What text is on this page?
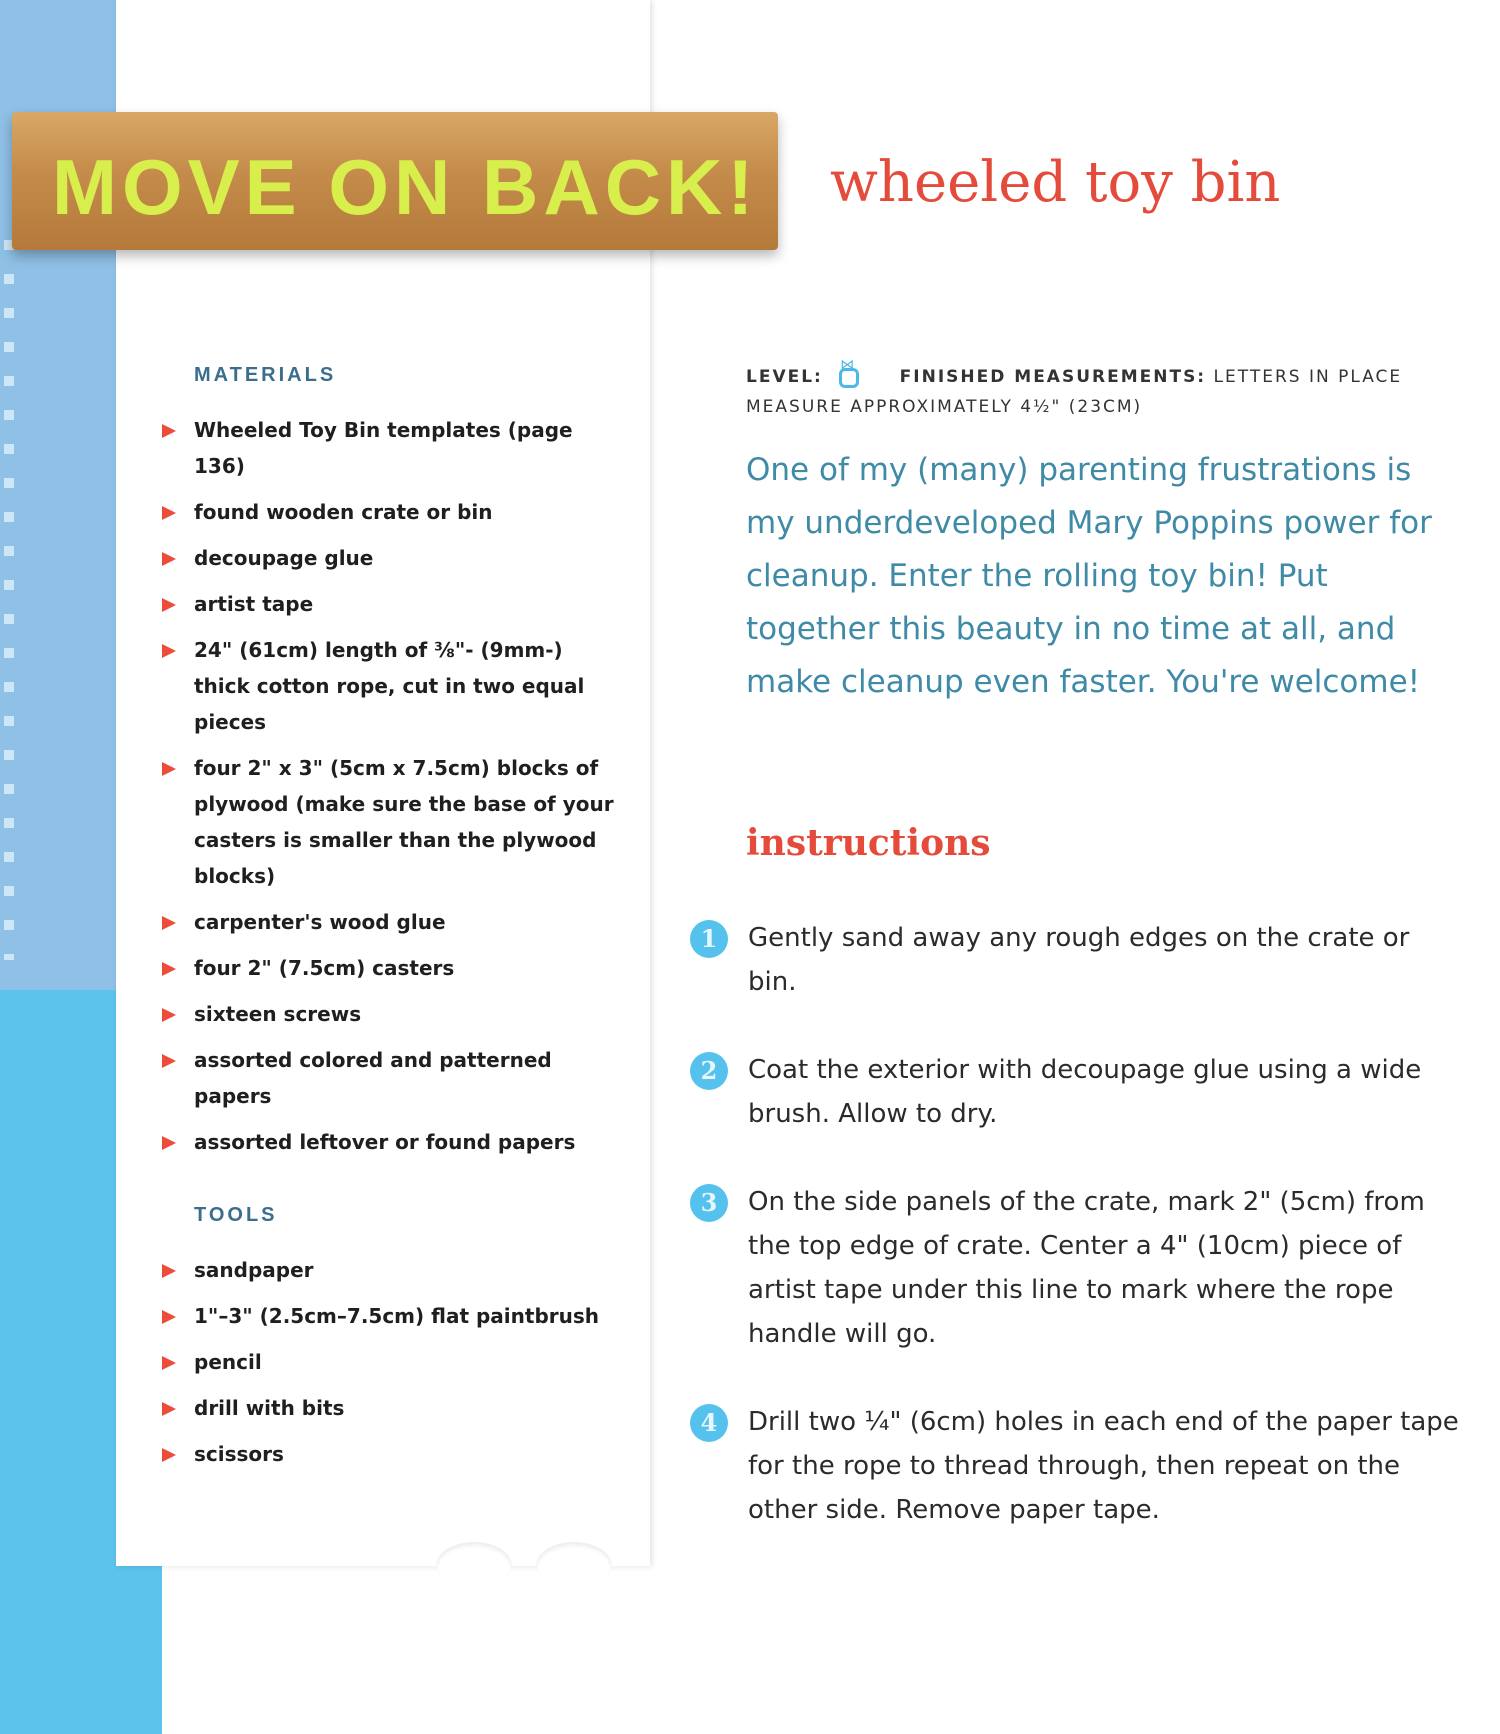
MOVE ON BACK! wheeled toy bin
MATERIALS
Wheeled Toy Bin templates (page 136)
found wooden crate or bin
decoupage glue
artist tape
24" (61cm) length of ⅜"- (9mm-) thick cotton rope, cut in two equal pieces
four 2" x 3" (5cm x 7.5cm) blocks of plywood (make sure the base of your casters is smaller than the plywood blocks)
carpenter's wood glue
four 2" (7.5cm) casters
sixteen screws
assorted colored and patterned papers
assorted leftover or found papers
TOOLS
sandpaper
1"–3" (2.5cm–7.5cm) flat paintbrush
pencil
drill with bits
scissors
LEVEL:
⋈
FINISHED MEASUREMENTS: LETTERS IN PLACE MEASURE APPROXIMATELY 4½" (23CM)

One of my (many) parenting frustrations is my underdeveloped Mary Poppins power for cleanup. Enter the rolling toy bin! Put together this beauty in no time at all, and make cleanup even faster. You're welcome!

instructions
1	Gently sand away any rough edges on the crate or bin.
2	Coat the exterior with decoupage glue using a wide brush. Allow to dry.
3	On the side panels of the crate, mark 2" (5cm) from the top edge of crate. Center a 4" (10cm) piece of artist tape under this line to mark where the rope handle will go.
4	Drill two ¼" (6cm) holes in each end of the paper tape for the rope to thread through, then repeat on the other side. Remove paper tape.
